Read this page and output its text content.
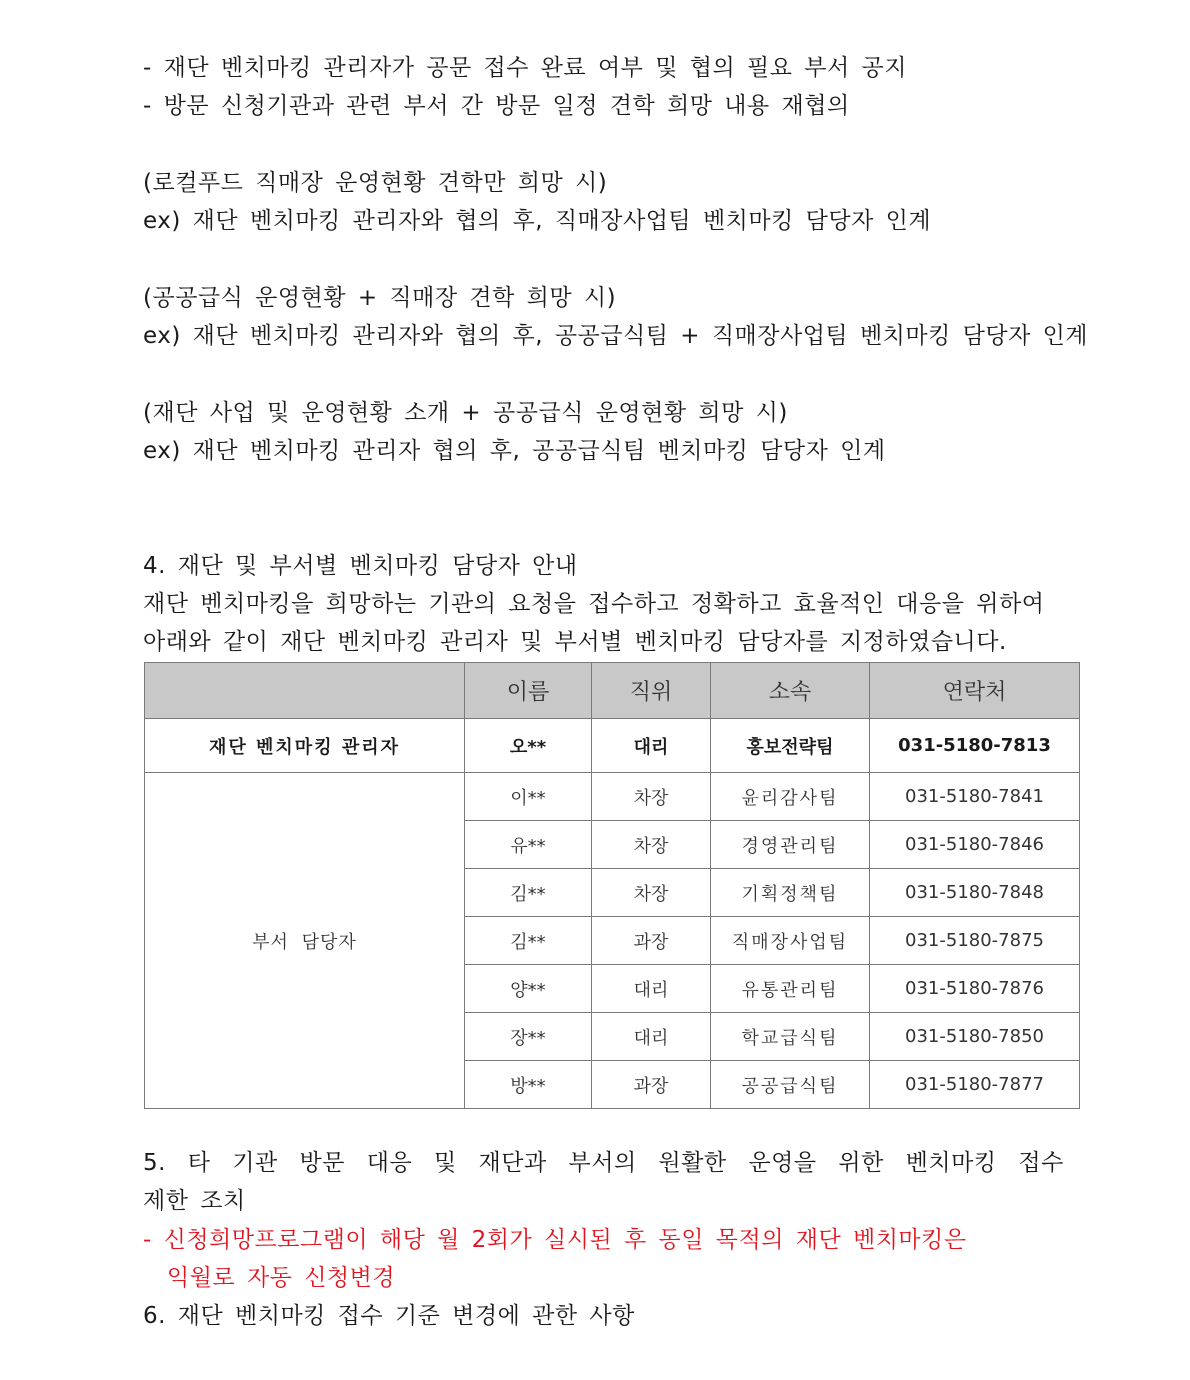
- 재단 벤치마킹 관리자가 공문 접수 완료 여부 및 협의 필요 부서 공지
- 방문 신청기관과 관련 부서 간 방문 일정 견학 희망 내용 재협의
(로컬푸드 직매장 운영현황 견학만 희망 시)
ex) 재단 벤치마킹 관리자와 협의 후, 직매장사업팀 벤치마킹 담당자 인계
(공공급식 운영현황 + 직매장 견학 희망 시)
ex) 재단 벤치마킹 관리자와 협의 후, 공공급식팀 + 직매장사업팀 벤치마킹 담당자 인계
(재단 사업 및 운영현황 소개 + 공공급식 운영현황 희망 시)
ex) 재단 벤치마킹 관리자 협의 후, 공공급식팀 벤치마킹 담당자 인계
4. 재단 및 부서별 벤치마킹 담당자 안내
재단 벤치마킹을 희망하는 기관의 요청을 접수하고 정확하고 효율적인 대응을 위하여
아래와 같이 재단 벤치마킹 관리자 및 부서별 벤치마킹 담당자를 지정하였습니다.
	이름	직위	소속	연락처
재단 벤치마킹 관리자	오**	대리	홍보전략팀	031-5180-7813
부서 담당자	이**	차장	윤리감사팀	031-5180-7841
	유**	차장	경영관리팀	031-5180-7846
	김**	차장	기획정책팀	031-5180-7848
	김**	과장	직매장사업팀	031-5180-7875
	양**	대리	유통관리팀	031-5180-7876
	장**	대리	학교급식팀	031-5180-7850
	방**	과장	공공급식팀	031-5180-7877
5. 타 기관 방문 대응 및 재단과 부서의 원활한 운영을 위한 벤치마킹 접수
제한 조치
- 신청희망프로그램이 해당 월 2회가 실시된 후 동일 목적의 재단 벤치마킹은
익월로 자동 신청변경
6. 재단 벤치마킹 접수 기준 변경에 관한 사항
